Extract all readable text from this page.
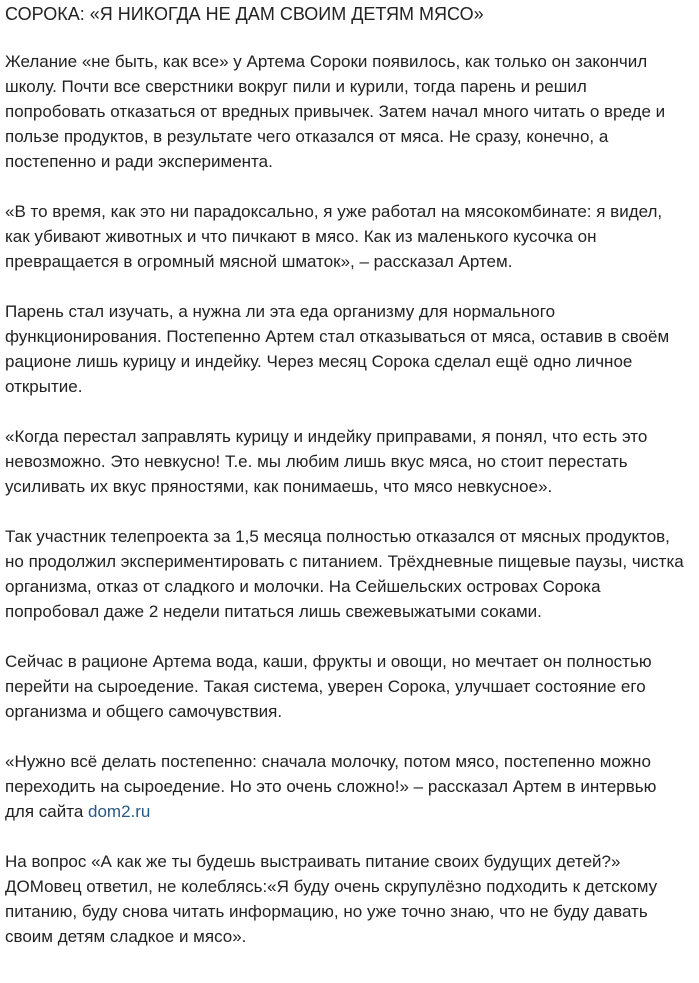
СОРОКА: «Я НИКОГДА НЕ ДАМ СВОИМ ДЕТЯМ МЯСО»

Желание «не быть, как все» у Артема Сороки появилось, как только он закончил школу. Почти все сверстники вокруг пили и курили, тогда парень и решил попробовать отказаться от вредных привычек. Затем начал много читать о вреде и пользе продуктов, в результате чего отказался от мяса. Не сразу, конечно, а постепенно и ради эксперимента.

«В то время, как это ни парадоксально, я уже работал на мясокомбинате: я видел, как убивают животных и что пичкают в мясо. Как из маленького кусочка он превращается в огромный мясной шматок», – рассказал Артем.

Парень стал изучать, а нужна ли эта еда организму для нормального функционирования. Постепенно Артем стал отказываться от мяса, оставив в своём рационе лишь курицу и индейку. Через месяц Сорока сделал ещё одно личное открытие.

«Когда перестал заправлять курицу и индейку приправами, я понял, что есть это невозможно. Это невкусно! Т.е. мы любим лишь вкус мяса, но стоит перестать усиливать их вкус пряностями, как понимаешь, что мясо невкусное».

Так участник телепроекта за 1,5 месяца полностью отказался от мясных продуктов, но продолжил экспериментировать с питанием. Трёхдневные пищевые паузы, чистка организма, отказ от сладкого и молочки. На Сейшельских островах Сорока попробовал даже 2 недели питаться лишь свежевыжатыми соками.

Сейчас в рационе Артема вода, каши, фрукты и овощи, но мечтает он полностью перейти на сыроедение. Такая система, уверен Сорока, улучшает состояние его организма и общего самочувствия.

«Нужно всё делать постепенно: сначала молочку, потом мясо, постепенно можно переходить на сыроедение. Но это очень сложно!» – рассказал Артем в интервью для сайта dom2.ru

На вопрос «А как же ты будешь выстраивать питание своих будущих детей?» ДОМовец ответил, не колеблясь:«Я буду очень скрупулёзно подходить к детскому питанию, буду снова читать информацию, но уже точно знаю, что не буду давать своим детям сладкое и мясо».
